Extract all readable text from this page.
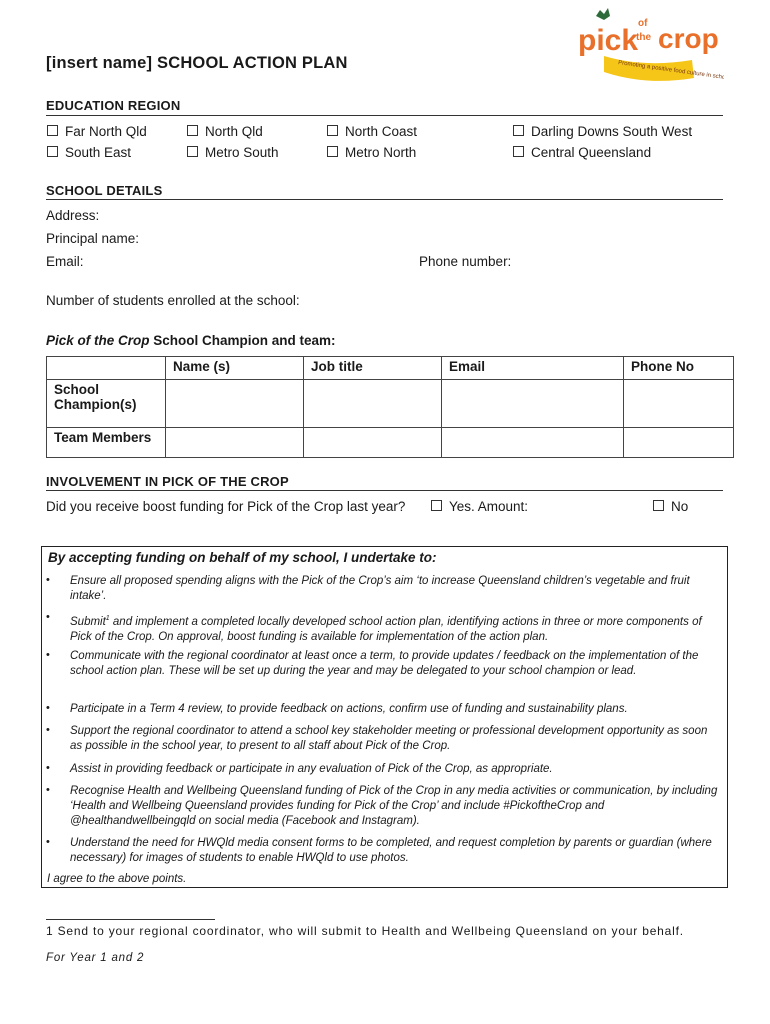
pick
of
the crop
Promoting a positive food culture in schools
[insert name] SCHOOL ACTION PLAN
EDUCATION REGION
Far North Qld	North Qld	North Coast	Darling Downs South West
South East	Metro South	Metro North	Central Queensland
SCHOOL DETAILS
Address:
Principal name:
Email:	Phone number:
Number of students enrolled at the school:
Pick of the Crop School Champion and team:
	Name (s)	Job title	Email	Phone No
School Champion(s)				
Team Members				
INVOLVEMENT IN PICK OF THE CROP
Did you receive boost funding for Pick of the Crop last year?	Yes. Amount:	No
By accepting funding on behalf of my school, I undertake to:
• Ensure all proposed spending aligns with the Pick of the Crop’s aim ‘to increase Queensland children’s vegetable and fruit intake’.
• Submit$^1$ and implement a completed locally developed school action plan, identifying actions in three or more components of Pick of the Crop. On approval, boost funding is available for implementation of the action plan.
• Communicate with the regional coordinator at least once a term, to provide updates / feedback on the implementation of the school action plan. These will be set up during the year and may be delegated to your school champion or lead.
• Participate in a Term 4 review, to provide feedback on actions, confirm use of funding and sustainability plans.
• Support the regional coordinator to attend a school key stakeholder meeting or professional development opportunity as soon as possible in the school year, to present to all staff about Pick of the Crop.
• Assist in providing feedback or participate in any evaluation of Pick of the Crop, as appropriate.
• Recognise Health and Wellbeing Queensland funding of Pick of the Crop in any media activities or communication, by including ‘Health and Wellbeing Queensland provides funding for Pick of the Crop’ and include #PickoftheCrop and @healthandwellbeingqld on social media (Facebook and Instagram).
• Understand the need for HWQld media consent forms to be completed, and request completion by parents or guardian (where necessary) for images of students to enable HWQld to use photos.
I agree to the above points.
1 Send to your regional coordinator, who will submit to Health and Wellbeing Queensland on your behalf.
For Year 1 and 2
